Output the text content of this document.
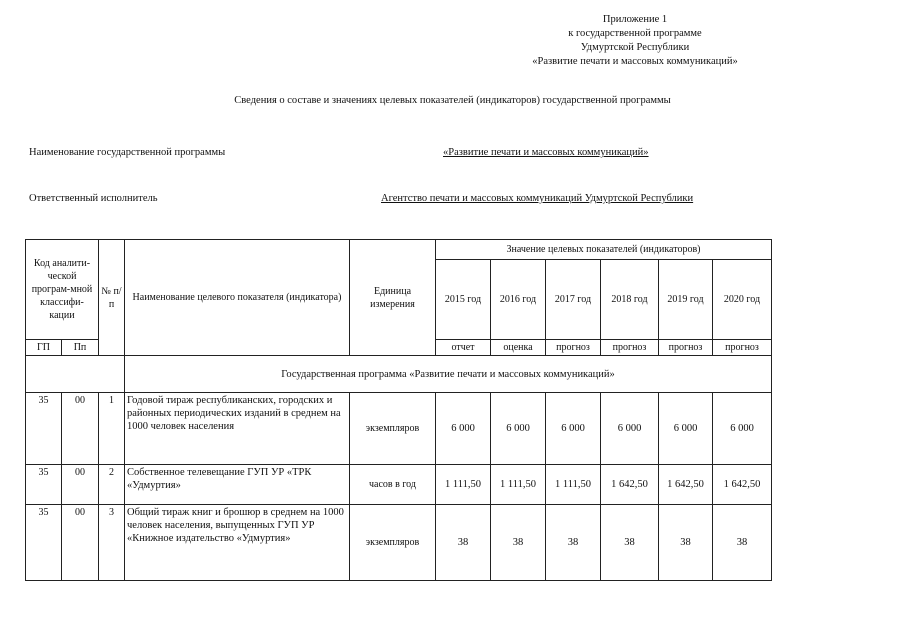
Приложение 1
к государственной программе
Удмуртской Республики
«Развитие печати и массовых коммуникаций»
Сведения о составе и значениях целевых показателей (индикаторов) государственной программы
Наименование государственной программы	«Развитие печати и массовых коммуникаций»
Ответственный исполнитель	Агентство печати и массовых коммуникаций Удмуртской Республики
Код аналити-ческой програм-мной классифи-кации		№ п/п	Наименование целевого показателя (индикатора)	Единица измерения	Значение целевых показателей (индикаторов)					
					2015 год	2016 год	2017 год	2018 год	2019 год	2020 год
ГП	Пп				отчет	оценка	прогноз	прогноз	прогноз	прогноз
			Государственная программа «Развитие печати и массовых коммуникаций»							
35	00	1	Годовой тираж республиканских, городских и районных периодических изданий в среднем на 1000 человек населения	экземпляров	6 000	6 000	6 000	6 000	6 000	6 000
35	00	2	Собственное телевещание ГУП УР «ТРК «Удмуртия»	часов в год	1 111,50	1 111,50	1 111,50	1 642,50	1 642,50	1 642,50
35	00	3	Общий тираж книг и брошюр в среднем на 1000 человек населения, выпущенных ГУП УР «Книжное издательство «Удмуртия»	экземпляров	38	38	38	38	38	38
